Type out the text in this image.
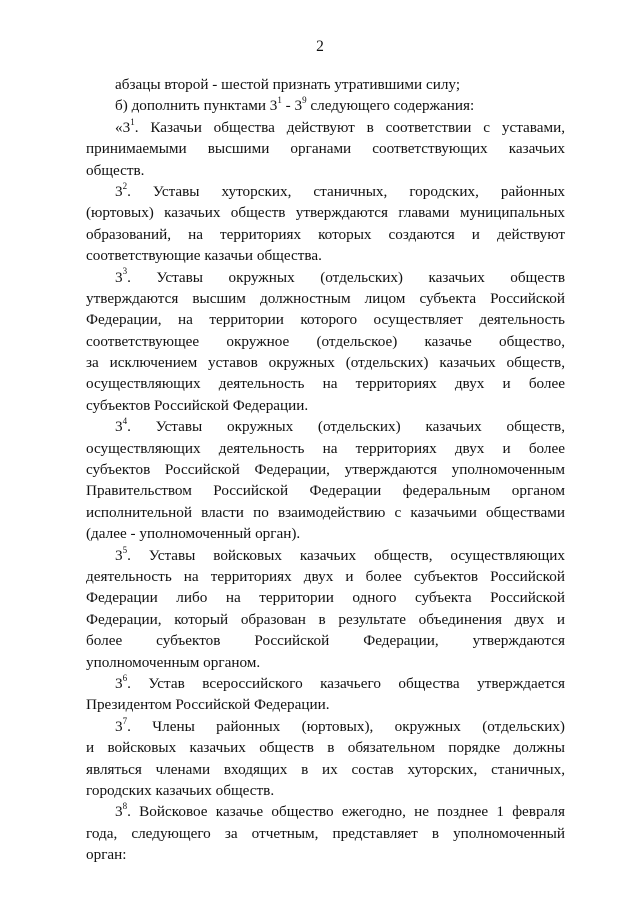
2
абзацы второй - шестой признать утратившими силу;
б) дополнить пунктами $3^1 - 3^9$ следующего содержания:
«$3^1$. Казачьи общества действуют в соответствии с уставами,
принимаемыми высшими органами соответствующих казачьих
обществ.
$3^2$. Уставы хуторских, станичных, городских, районных
(юртовых) казачьих обществ утверждаются главами муниципальных
образований, на территориях которых создаются и действуют
соответствующие казачьи общества.
$3^3$. Уставы окружных (отдельских) казачьих обществ
утверждаются высшим должностным лицом субъекта Российской
Федерации, на территории которого осуществляет деятельность
соответствующее окружное (отдельское) казачье общество,
за исключением уставов окружных (отдельских) казачьих обществ,
осуществляющих деятельность на территориях двух и более
субъектов Российской Федерации.
$3^4$. Уставы окружных (отдельских) казачьих обществ,
осуществляющих деятельность на территориях двух и более
субъектов Российской Федерации, утверждаются уполномоченным
Правительством Российской Федерации федеральным органом
исполнительной власти по взаимодействию с казачьими обществами
(далее - уполномоченный орган).
$3^5$. Уставы войсковых казачьих обществ, осуществляющих
деятельность на территориях двух и более субъектов Российской
Федерации либо на территории одного субъекта Российской
Федерации, который образован в результате объединения двух и
более субъектов Российской Федерации, утверждаются
уполномоченным органом.
$3^6$. Устав всероссийского казачьего общества утверждается
Президентом Российской Федерации.
$3^7$. Члены районных (юртовых), окружных (отдельских)
и войсковых казачьих обществ в обязательном порядке должны
являться членами входящих в их состав хуторских, станичных,
городских казачьих обществ.
$3^8$. Войсковое казачье общество ежегодно, не позднее 1 февраля
года, следующего за отчетным, представляет в уполномоченный
орган:
